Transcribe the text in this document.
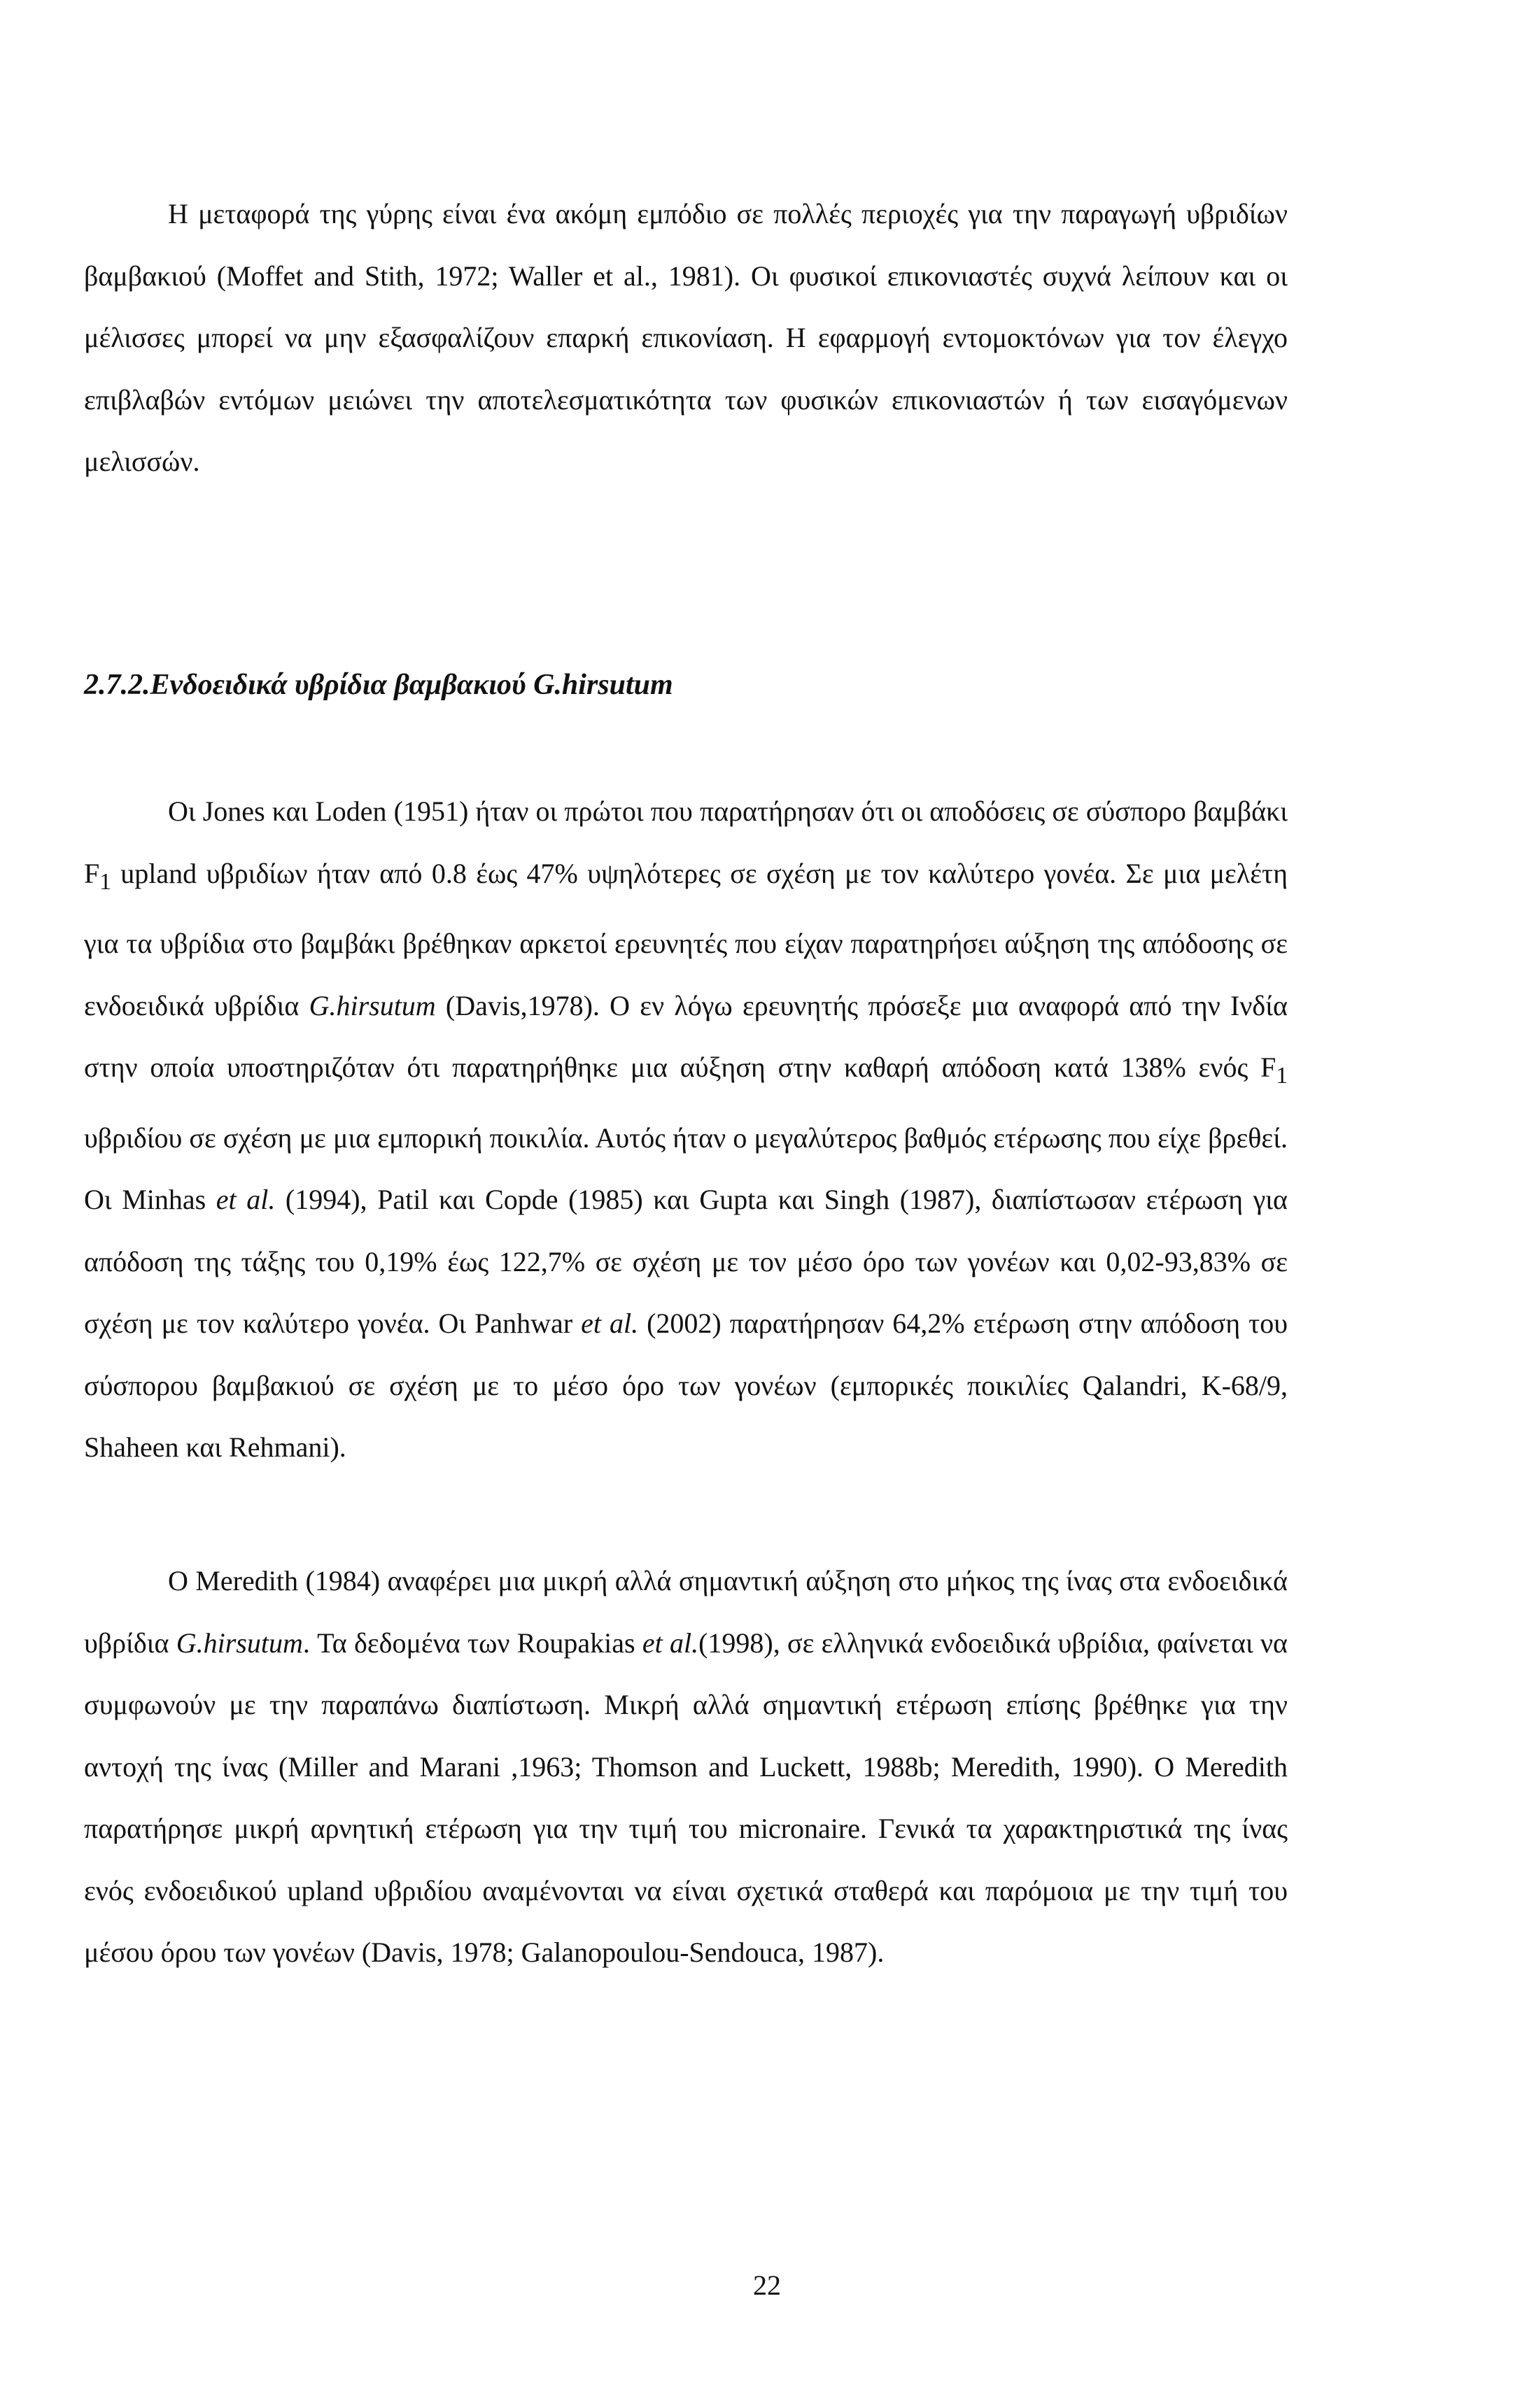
Η μεταφορά της γύρης είναι ένα ακόμη εμπόδιο σε πολλές περιοχές για την παραγωγή υβριδίων βαμβακιού (Moffet and Stith, 1972; Waller et al., 1981). Οι φυσικοί επικονιαστές συχνά λείπουν και οι μέλισσες μπορεί να μην εξασφαλίζουν επαρκή επικονίαση. Η εφαρμογή εντομοκτόνων για τον έλεγχο επιβλαβών εντόμων μειώνει την αποτελεσματικότητα των φυσικών επικονιαστών ή των εισαγόμενων μελισσών.

2.7.2.Ενδοειδικά υβρίδια βαμβακιού G.hirsutum

Οι Jones και Loden (1951) ήταν οι πρώτοι που παρατήρησαν ότι οι αποδόσεις σε σύσπορο βαμβάκι $F_1$ upland υβριδίων ήταν από 0.8 έως 47% υψηλότερες σε σχέση με τον καλύτερο γονέα. Σε μια μελέτη για τα υβρίδια στο βαμβάκι βρέθηκαν αρκετοί ερευνητές που είχαν παρατηρήσει αύξηση της απόδοσης σε ενδοειδικά υβρίδια G.hirsutum (Davis,1978). Ο εν λόγω ερευνητής πρόσεξε μια αναφορά από την Ινδία στην οποία υποστηριζόταν ότι παρατηρήθηκε μια αύξηση στην καθαρή απόδοση κατά 138% ενός $F_1$ υβριδίου σε σχέση με μια εμπορική ποικιλία. Αυτός ήταν ο μεγαλύτερος βαθμός ετέρωσης που είχε βρεθεί. Οι Minhas et al. (1994), Patil και Copde (1985) και Gupta και Singh (1987), διαπίστωσαν ετέρωση για απόδοση της τάξης του 0,19% έως 122,7% σε σχέση με τον μέσο όρο των γονέων και 0,02-93,83% σε σχέση με τον καλύτερο γονέα. Οι Panhwar et al. (2002) παρατήρησαν 64,2% ετέρωση στην απόδοση του σύσπορου βαμβακιού σε σχέση με το μέσο όρο των γονέων (εμπορικές ποικιλίες Qalandri, K-68/9, Shaheen και Rehmani).

Ο Meredith (1984) αναφέρει μια μικρή αλλά σημαντική αύξηση στο μήκος της ίνας στα ενδοειδικά υβρίδια G.hirsutum. Τα δεδομένα των Roupakias et al.(1998), σε ελληνικά ενδοειδικά υβρίδια, φαίνεται να συμφωνούν με την παραπάνω διαπίστωση. Μικρή αλλά σημαντική ετέρωση επίσης βρέθηκε για την αντοχή της ίνας (Miller and Marani ,1963; Thomson and Luckett, 1988b; Meredith, 1990). Ο Meredith παρατήρησε μικρή αρνητική ετέρωση για την τιμή του micronaire. Γενικά τα χαρακτηριστικά της ίνας ενός ενδοειδικού upland υβριδίου αναμένονται να είναι σχετικά σταθερά και παρόμοια με την τιμή του μέσου όρου των γονέων (Davis, 1978; Galanopoulou-Sendouca, 1987).

22
